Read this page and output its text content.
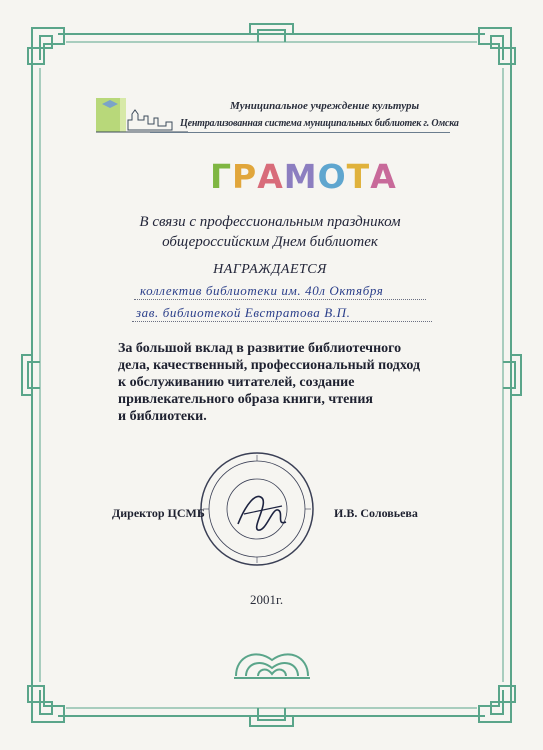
Муниципальное учреждение культуры
Централизованная система муниципальных библиотек г. Омска
ГРАМОТА
В связи с профессиональным праздником общероссийским Днем библиотек
НАГРАЖДАЕТСЯ
коллектив библиотеки им. 40л Октября
зав. библиотекой Евстратова В.П.
За большой вклад в развитие библиотечного
дела, качественный, профессиональный подход
к обслуживанию читателей, создание
привлекательного образа книги, чтения
и библиотеки.
Директор ЦСМБ	И.В. Соловьева
2001г.
